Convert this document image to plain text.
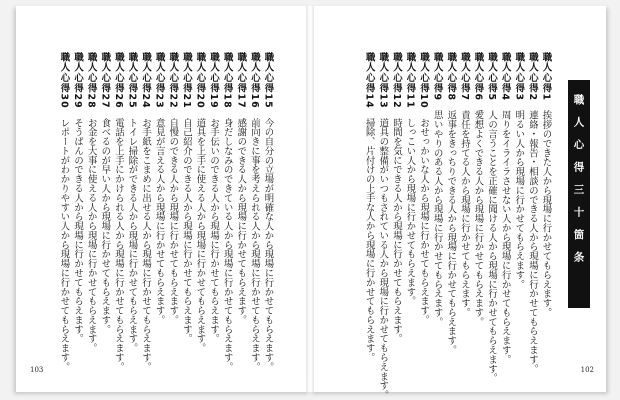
103	102
職人心得三十箇条
職人心得1　挨拶のできた人から現場に行かせてもらえます。
職人心得2　連絡・報告・相談のできる人から現場に行かせてもらえます。
職人心得3　明るい人から現場に行かせてもらえます。
職人心得4　周りをイライラさせない人から現場に行かせてもらえます。
職人心得5　人の言うことを正確に聞ける人から現場に行かせてもらえます。
職人心得6　愛想よくできる人から現場に行かせてもらえます。
職人心得7　責任を持てる人から現場に行かせてもらえます。
職人心得8　返事をきっちりできる人から現場に行かせてもらえます。
職人心得9　思いやりのある人から現場に行かせてもらえます。
職人心得10　おせっかいな人から現場に行かせてもらえます。
職人心得11　しっこい人から現場に行かせてもらえます。
職人心得12　時間を気にできる人から現場に行かせてもらえます。
職人心得13　道具の整備がいつもされている人から現場に行かせてもらえます。
職人心得14　掃除、片付けの上手な人から現場に行かせてもらえます。
職人心得15　今の自分の立場が明確な人から現場に行かせてもらえます。
職人心得16　前向きに事を考えられる人から現場に行かせてもらえます。
職人心得17　感謝のできる人から現場に行かせてもらえます。
職人心得18　身だしなみのできている人から現場に行かせてもらえます。
職人心得19　お手伝いのできる人から現場に行かせてもらえます。
職人心得20　道具を上手に使える人から現場に行かせてもらえます。
職人心得21　自己紹介のできる人から現場に行かせてもらえます。
職人心得22　自慢のできる人から現場に行かせてもらえます。
職人心得23　意見が言える人から現場に行かせてもらえます。
職人心得24　お手紙をこまめに出せる人から現場に行かせてもらえます。
職人心得25　トイレ掃除ができる人から現場に行かせてもらえます。
職人心得26　電話を上手にかけられる人から現場に行かせてもらえます。
職人心得27　食べるのが早い人から現場に行かせてもらえます。
職人心得28　お金を大事に使える人から現場に行かせてもらえます。
職人心得29　そうばんのできる人から現場に行かせてもらえます。
職人心得30　レポートがわかりやすい人から現場に行かせてもらえます。
